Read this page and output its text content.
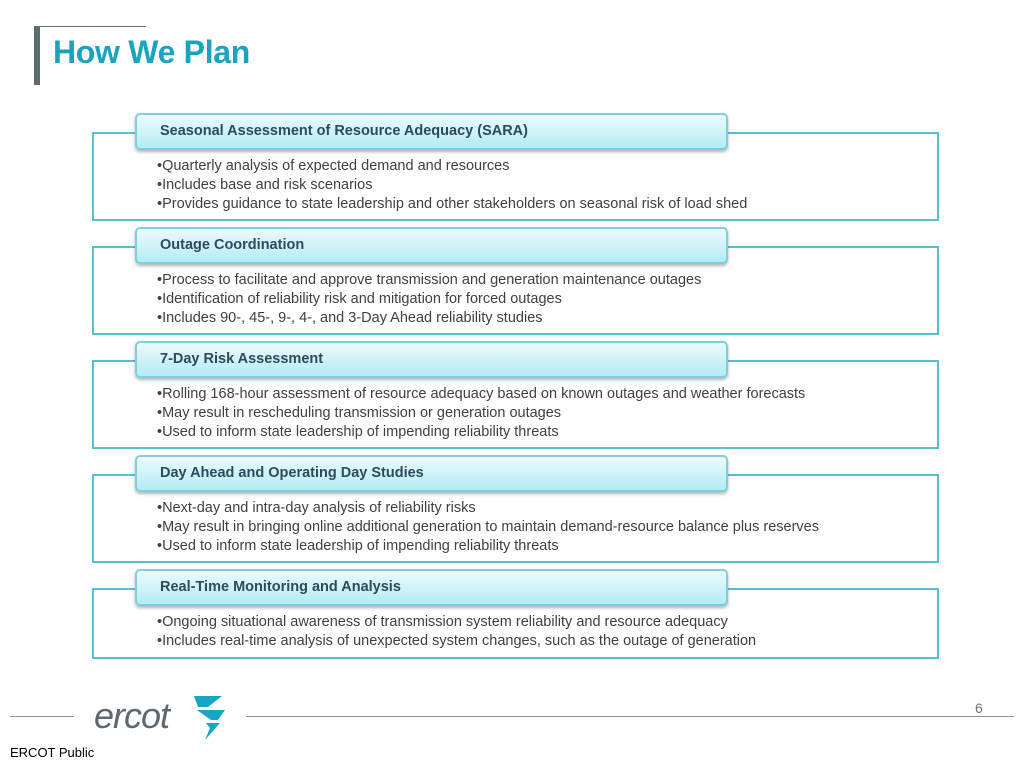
How We Plan
Seasonal Assessment of Resource Adequacy (SARA)
• Quarterly analysis of expected demand and resources
• Includes base and risk scenarios
• Provides guidance to state leadership and other stakeholders on seasonal risk of load shed
Outage Coordination
• Process to facilitate and approve transmission and generation maintenance outages
• Identification of reliability risk and mitigation for forced outages
• Includes 90-, 45-, 9-, 4-, and 3-Day Ahead reliability studies
7-Day Risk Assessment
• Rolling 168-hour assessment of resource adequacy based on known outages and weather forecasts
• May result in rescheduling transmission or generation outages
• Used to inform state leadership of impending reliability threats
Day Ahead and Operating Day Studies
• Next-day and intra-day analysis of reliability risks
• May result in bringing online additional generation to maintain demand-resource balance plus reserves
• Used to inform state leadership of impending reliability threats
Real-Time Monitoring and Analysis
• Ongoing situational awareness of transmission system reliability and resource adequacy
• Includes real-time analysis of unexpected system changes, such as the outage of generation
ercot	6
ERCOT Public
